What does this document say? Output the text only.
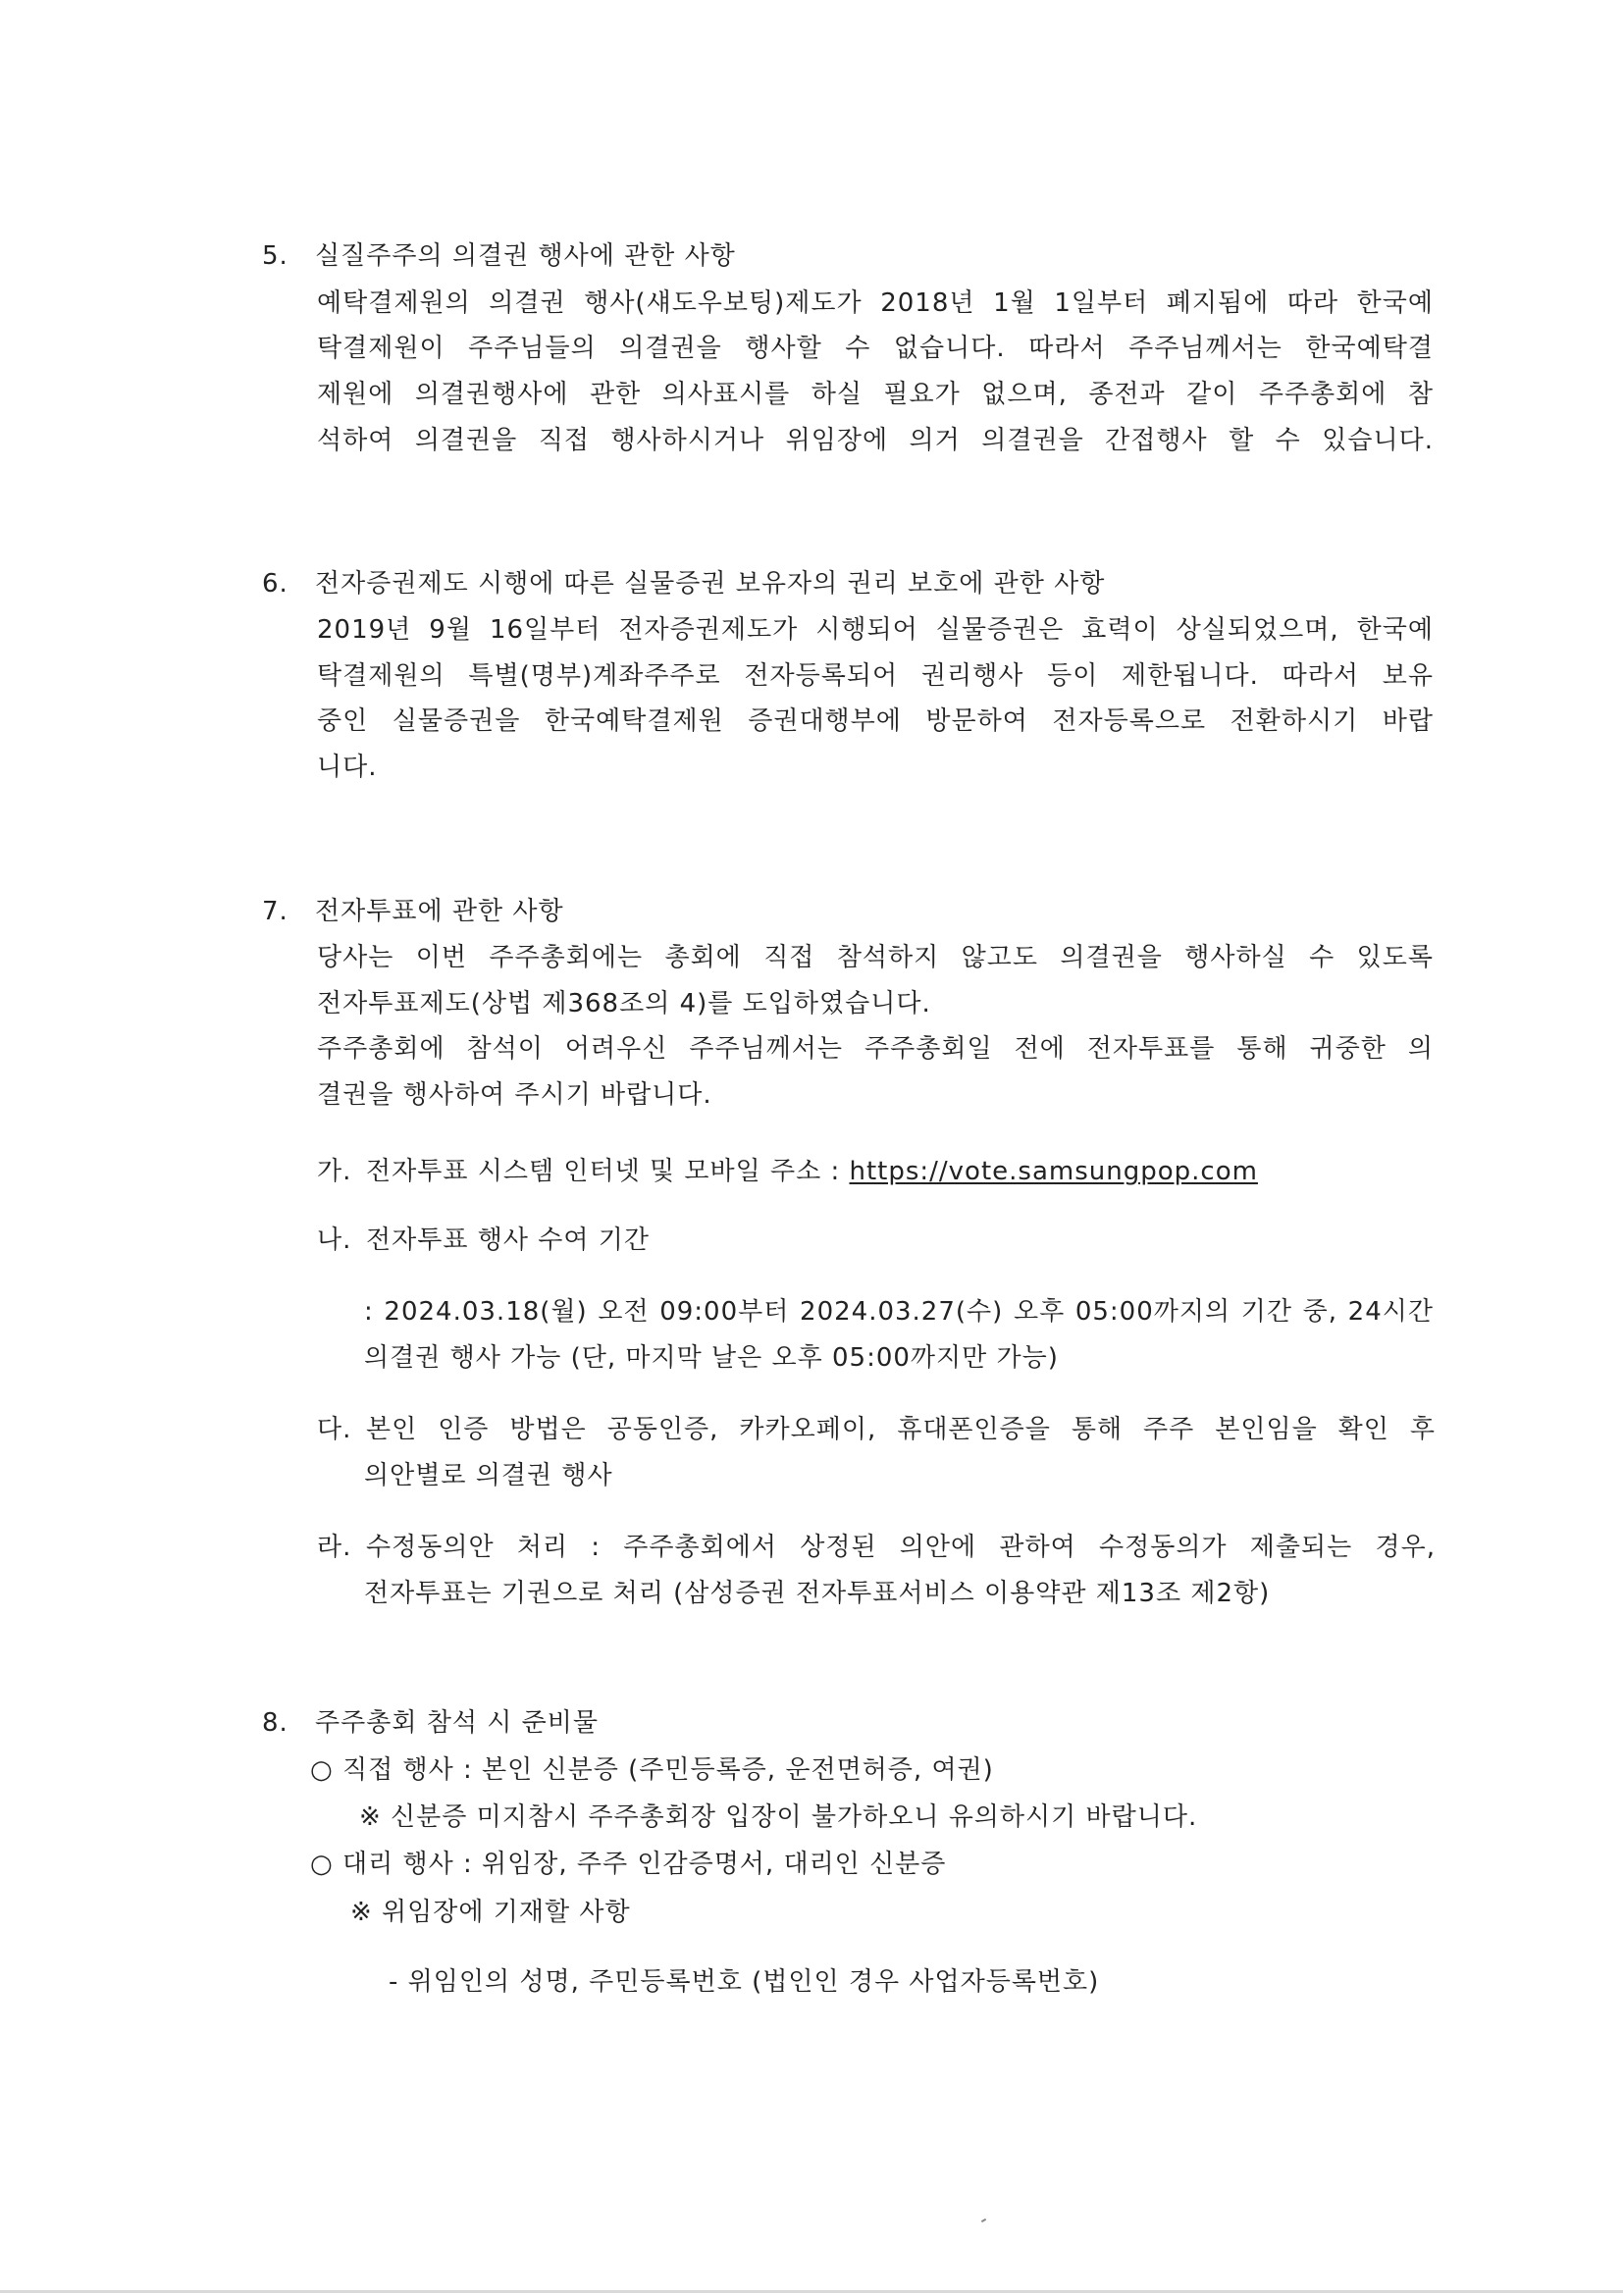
5. 실질주주의 의결권 행사에 관한 사항
예탁결제원의 의결권 행사(섀도우보팅)제도가 2018년 1월 1일부터 폐지됨에 따라 한국예
탁결제원이 주주님들의 의결권을 행사할 수 없습니다. 따라서 주주님께서는 한국예탁결
제원에 의결권행사에 관한 의사표시를 하실 필요가 없으며, 종전과 같이 주주총회에 참
석하여 의결권을 직접 행사하시거나 위임장에 의거 의결권을 간접행사 할 수 있습니다.
6. 전자증권제도 시행에 따른 실물증권 보유자의 권리 보호에 관한 사항
2019년 9월 16일부터 전자증권제도가 시행되어 실물증권은 효력이 상실되었으며, 한국예
탁결제원의 특별(명부)계좌주주로 전자등록되어 권리행사 등이 제한됩니다. 따라서 보유
중인 실물증권을 한국예탁결제원 증권대행부에 방문하여 전자등록으로 전환하시기 바랍
니다.
7. 전자투표에 관한 사항
당사는 이번 주주총회에는 총회에 직접 참석하지 않고도 의결권을 행사하실 수 있도록
전자투표제도(상법 제368조의 4)를 도입하였습니다.
주주총회에 참석이 어려우신 주주님께서는 주주총회일 전에 전자투표를 통해 귀중한 의
결권을 행사하여 주시기 바랍니다.
가. 전자투표 시스템 인터넷 및 모바일 주소 : https://vote.samsungpop.com
나. 전자투표 행사 수여 기간
: 2024.03.18(월) 오전 09:00부터 2024.03.27(수) 오후 05:00까지의 기간 중, 24시간
의결권 행사 가능 (단, 마지막 날은 오후 05:00까지만 가능)
다. 본인 인증 방법은 공동인증, 카카오페이, 휴대폰인증을 통해 주주 본인임을 확인 후
의안별로 의결권 행사
라. 수정동의안 처리 : 주주총회에서 상정된 의안에 관하여 수정동의가 제출되는 경우,
전자투표는 기권으로 처리 (삼성증권 전자투표서비스 이용약관 제13조 제2항)
8. 주주총회 참석 시 준비물
○ 직접 행사 : 본인 신분증 (주민등록증, 운전면허증, 여권)
※ 신분증 미지참시 주주총회장 입장이 불가하오니 유의하시기 바랍니다.
○ 대리 행사 : 위임장, 주주 인감증명서, 대리인 신분증
※ 위임장에 기재할 사항
- 위임인의 성명, 주민등록번호 (법인인 경우 사업자등록번호)
